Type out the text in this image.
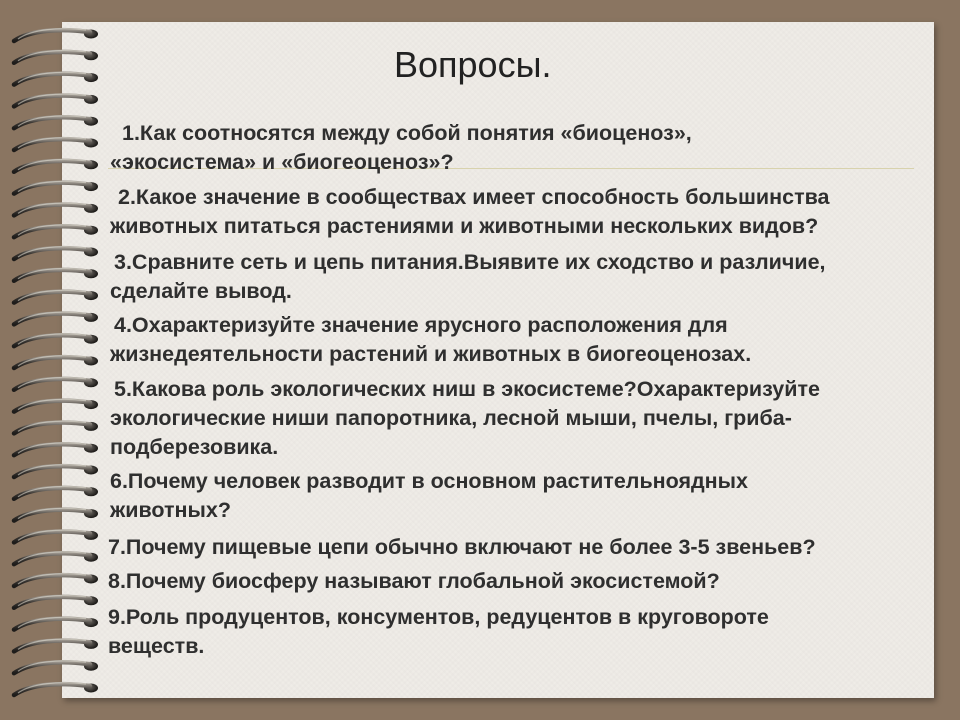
Вопросы.
1.Как соотносятся между собой понятия «биоценоз»,
«экосистема» и «биогеоценоз»?
2.Какое значение в сообществах имеет способность большинства
животных питаться растениями и животными нескольких видов?
3.Сравните сеть и цепь питания.Выявите их сходство и различие,
сделайте вывод.
4.Охарактеризуйте значение ярусного расположения для
жизнедеятельности растений и животных в биогеоценозах.
5.Какова роль экологических ниш в экосистеме?Охарактеризуйте
экологические ниши папоротника, лесной мыши, пчелы, гриба-
подберезовика.
6.Почему человек разводит в основном растительноядных
животных?
7.Почему пищевые цепи обычно включают не более 3-5 звеньев?
8.Почему биосферу называют глобальной экосистемой?
9.Роль продуцентов, консументов, редуцентов в круговороте
веществ.
